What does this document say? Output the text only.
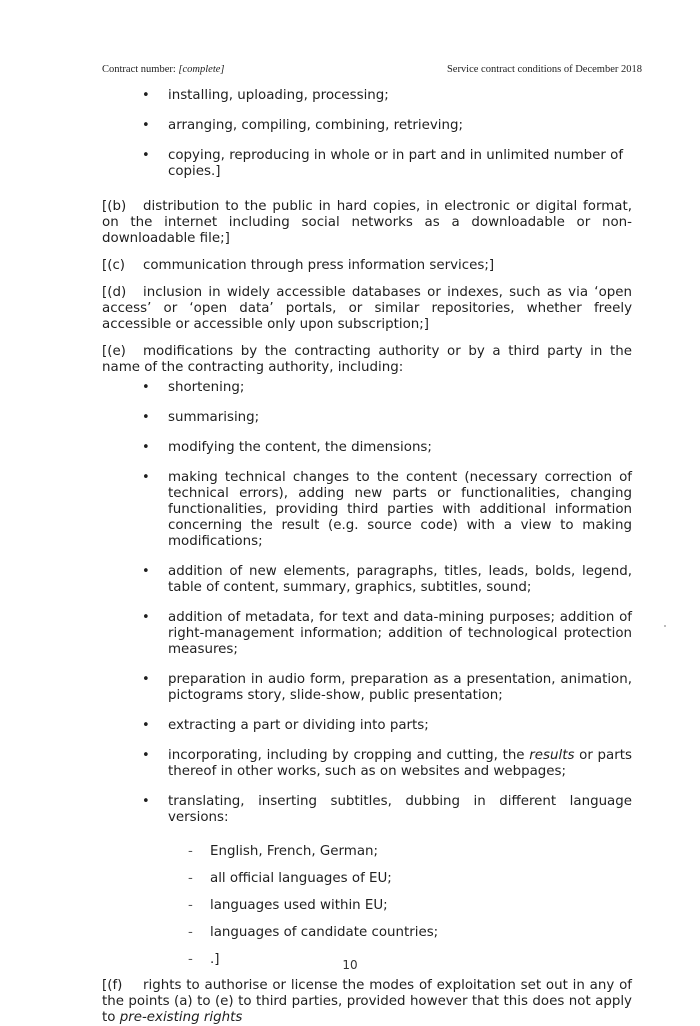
Contract number: [complete]	Service contract conditions of December 2018
• installing, uploading, processing;
• arranging, compiling, combining, retrieving;
• copying, reproducing in whole or in part and in unlimited number of copies.]
[(b) distribution to the public in hard copies, in electronic or digital format, on the internet including social networks as a downloadable or non-downloadable file;]
[(c) communication through press information services;]
[(d) inclusion in widely accessible databases or indexes, such as via ‘open access’ or ‘open data’ portals, or similar repositories, whether freely accessible or accessible only upon subscription;]
[(e) modifications by the contracting authority or by a third party in the name of the contracting authority, including:
• shortening;
• summarising;
• modifying the content, the dimensions;
• making technical changes to the content (necessary correction of technical errors), adding new parts or functionalities, changing functionalities, providing third parties with additional information concerning the result (e.g. source code) with a view to making modifications;
• addition of new elements, paragraphs, titles, leads, bolds, legend, table of content, summary, graphics, subtitles, sound;
• addition of metadata, for text and data-mining purposes; addition of right-management information; addition of technological protection measures;
• preparation in audio form, preparation as a presentation, animation, pictograms story, slide-show, public presentation;
• extracting a part or dividing into parts;
• incorporating, including by cropping and cutting, the results or parts thereof in other works, such as on websites and webpages;
• translating, inserting subtitles, dubbing in different language versions:
- English, French, German;
- all official languages of EU;
- languages used within EU;
- languages of candidate countries;
- .]
[(f) rights to authorise or license the modes of exploitation set out in any of the points (a) to (e) to third parties, provided however that this does not apply to pre-existing rights
10
